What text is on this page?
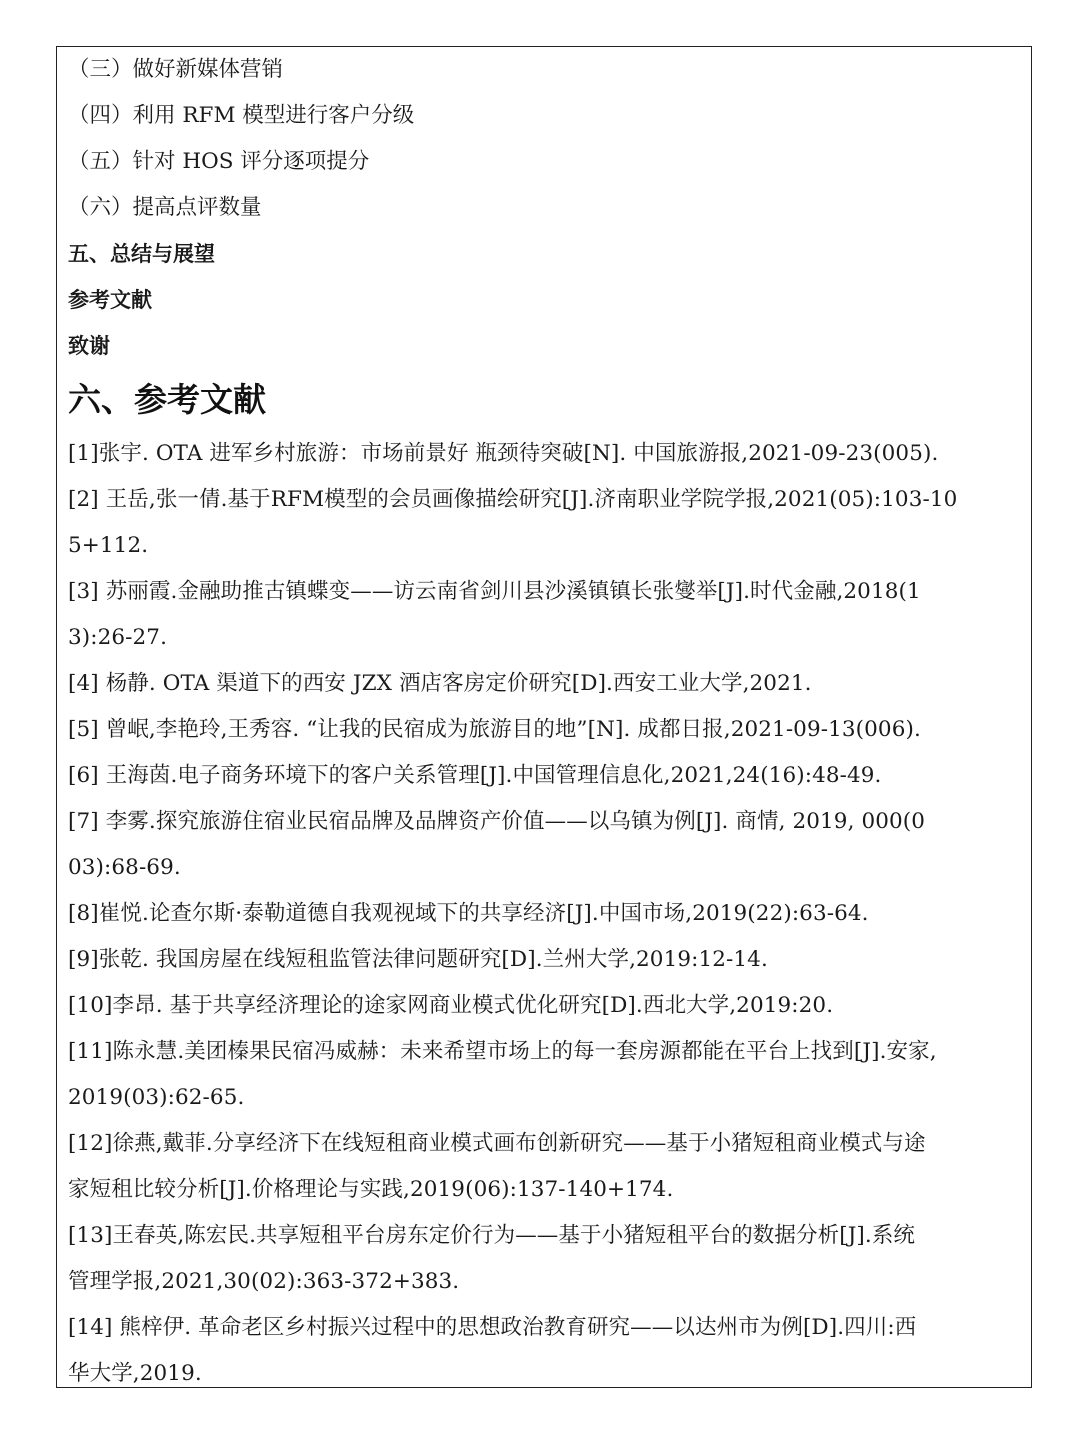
（三）做好新媒体营销
（四）利用 RFM 模型进行客户分级
（五）针对 HOS 评分逐项提分
（六）提高点评数量
五、总结与展望
参考文献
致谢
六、参考文献
[1]张宇. OTA 进军乡村旅游：市场前景好 瓶颈待突破[N]. 中国旅游报,2021-09-23(005).
[2] 王岳,张一倩.基于RFM模型的会员画像描绘研究[J].济南职业学院学报,2021(05):103-10
5+112.
[3] 苏丽霞.金融助推古镇蝶变——访云南省剑川县沙溪镇镇长张燮举[J].时代金融,2018(1
3):26-27.
[4] 杨静. OTA 渠道下的西安 JZX 酒店客房定价研究[D].西安工业大学,2021.
[5] 曾岷,李艳玲,王秀容. “让我的民宿成为旅游目的地”[N]. 成都日报,2021-09-13(006).
[6] 王海茵.电子商务环境下的客户关系管理[J].中国管理信息化,2021,24(16):48-49.
[7] 李雾.探究旅游住宿业民宿品牌及品牌资产价值——以乌镇为例[J]. 商情, 2019, 000(0
03):68-69.
[8]崔悦.论查尔斯·泰勒道德自我观视域下的共享经济[J].中国市场,2019(22):63-64.
[9]张乾. 我国房屋在线短租监管法律问题研究[D].兰州大学,2019:12-14.
[10]李昂. 基于共享经济理论的途家网商业模式优化研究[D].西北大学,2019:20.
[11]陈永慧.美团榛果民宿冯威赫：未来希望市场上的每一套房源都能在平台上找到[J].安家,
2019(03):62-65.
[12]徐燕,戴菲.分享经济下在线短租商业模式画布创新研究——基于小猪短租商业模式与途
家短租比较分析[J].价格理论与实践,2019(06):137-140+174.
[13]王春英,陈宏民.共享短租平台房东定价行为——基于小猪短租平台的数据分析[J].系统
管理学报,2021,30(02):363-372+383.
[14] 熊梓伊. 革命老区乡村振兴过程中的思想政治教育研究——以达州市为例[D].四川:西
华大学,2019.
